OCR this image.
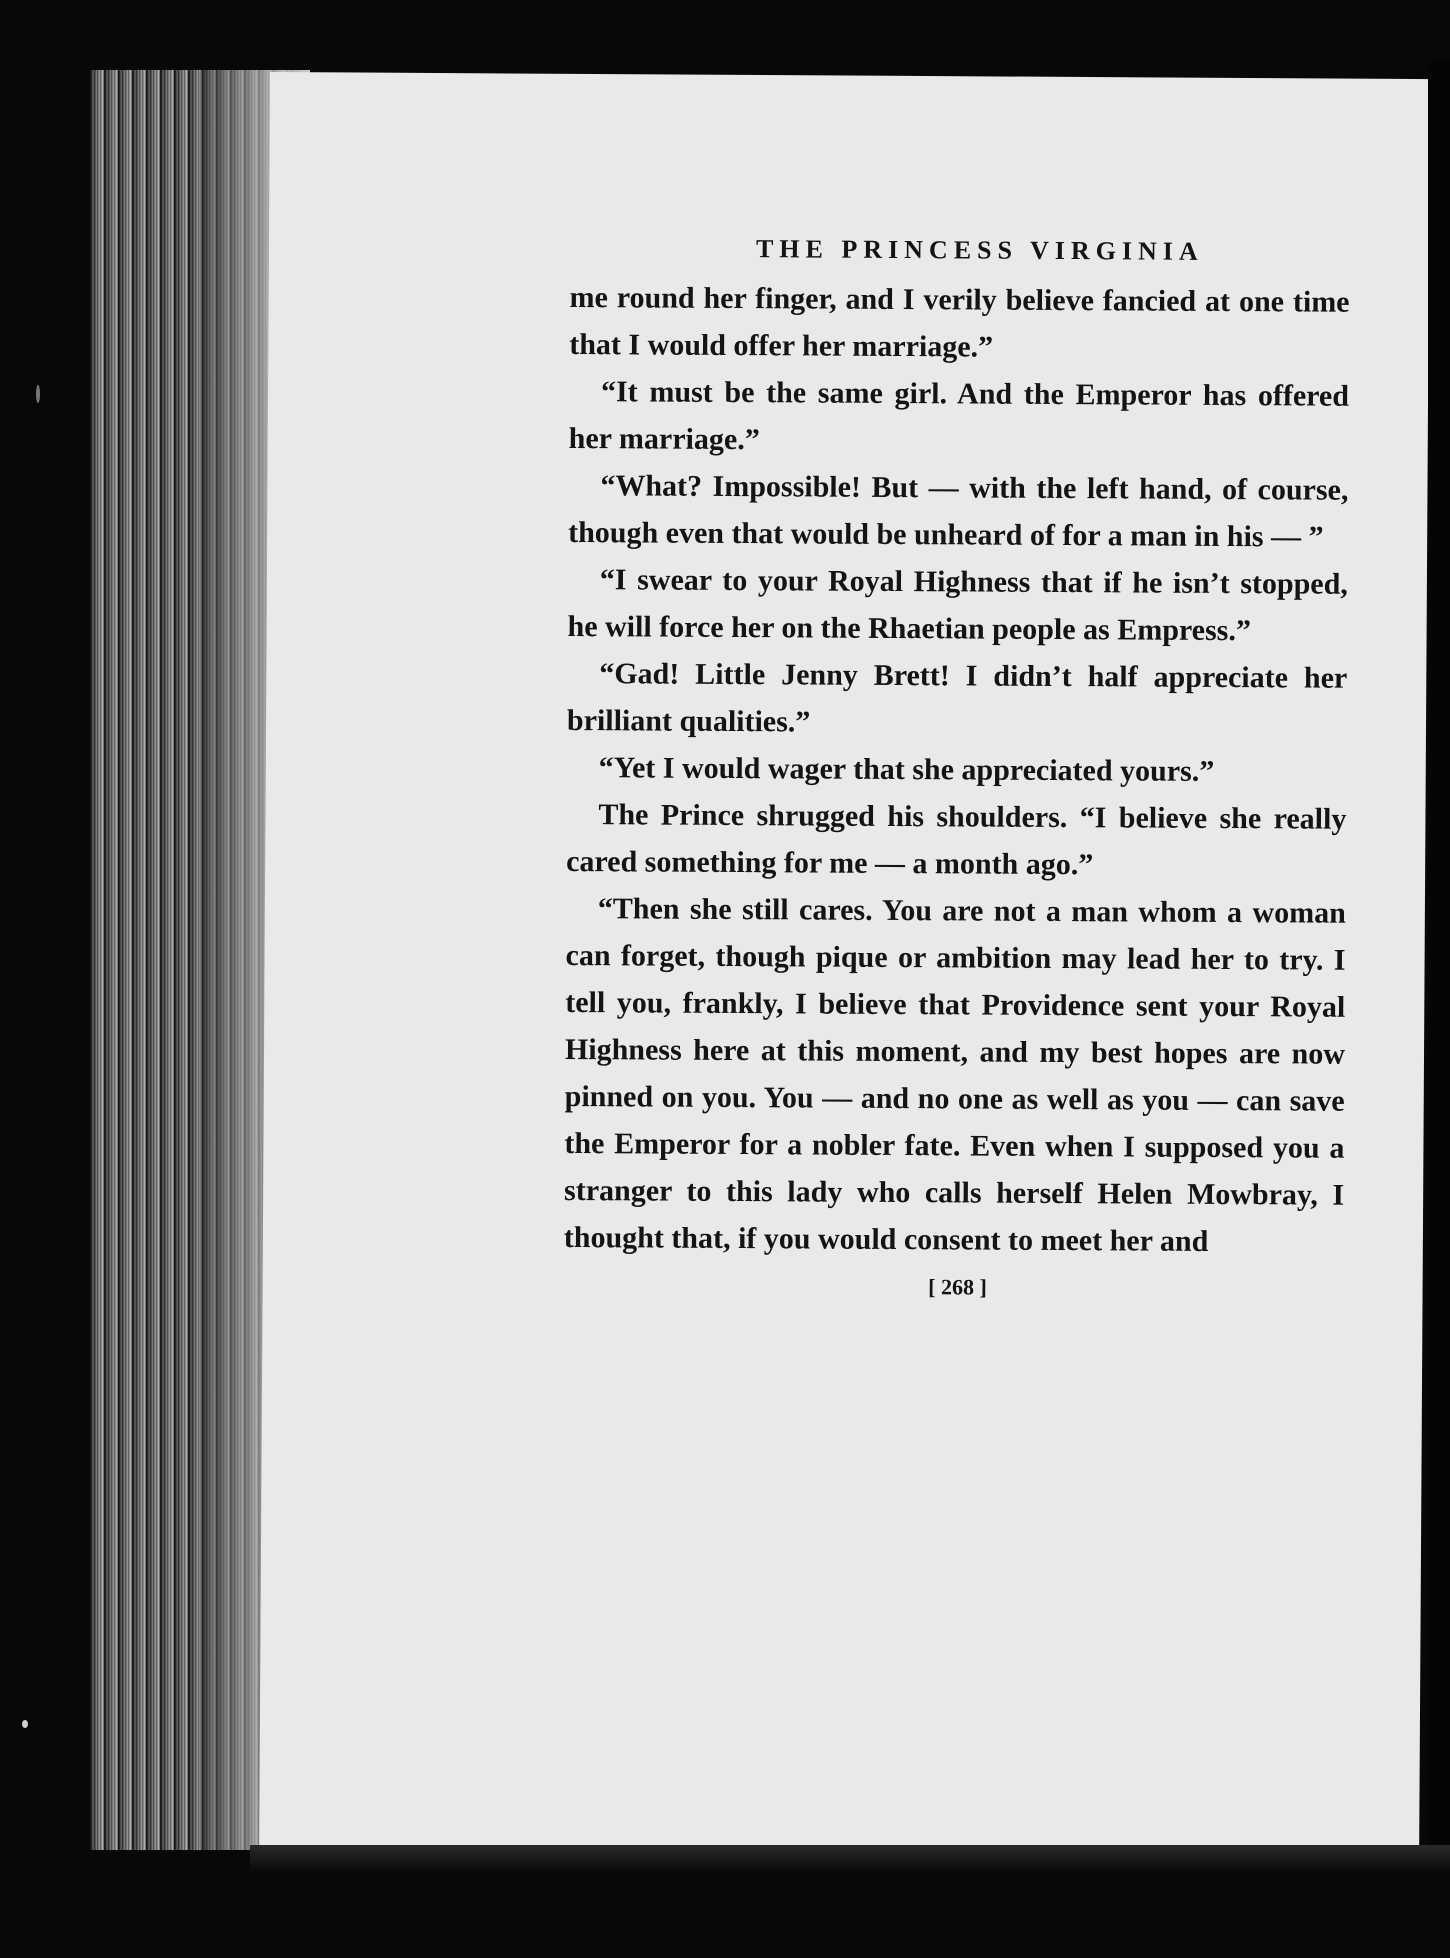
THE PRINCESS VIRGINIA

me round her finger, and I verily believe fancied at one time that I would offer her marriage.”

“It must be the same girl. And the Emperor has offered her marriage.”

“What? Impossible! But — with the left hand, of course, though even that would be unheard of for a man in his — ”

“I swear to your Royal Highness that if he isn’t stopped, he will force her on the Rhaetian people as Empress.”

“Gad! Little Jenny Brett! I didn’t half appreciate her brilliant qualities.”

“Yet I would wager that she appreciated yours.”

The Prince shrugged his shoulders. “I believe she really cared something for me — a month ago.”

“Then she still cares. You are not a man whom a woman can forget, though pique or ambition may lead her to try. I tell you, frankly, I believe that Providence sent your Royal Highness here at this moment, and my best hopes are now pinned on you. You — and no one as well as you — can save the Emperor for a nobler fate. Even when I supposed you a stranger to this lady who calls herself Helen Mowbray, I thought that, if you would consent to meet her and

[ 268 ]
